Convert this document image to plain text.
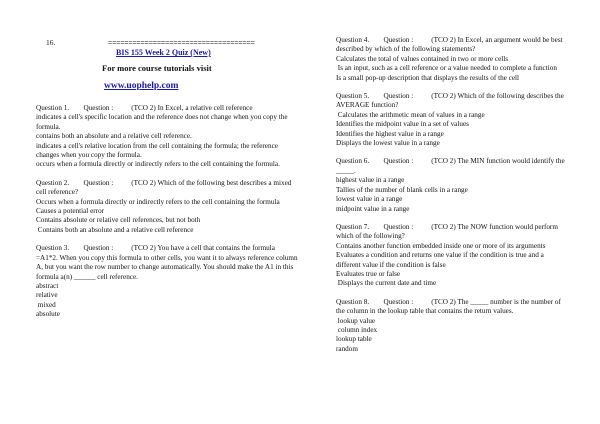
16.	====================================
BIS 155 Week 2 Quiz (New)
For more course tutorials visit
www.uophelp.com

Question 1.        Question :          (TCO 2) In Excel, a relative cell reference

indicates a cell's specific location and the reference does not change when you copy the formula.

contains both an absolute and a relative cell reference.

indicates a cell's relative location from the cell containing the formula; the reference changes when you copy the formula.

occurs when a formula directly or indirectly refers to the cell containing the formula.

Question 2.        Question :          (TCO 2) Which of the following best describes a mixed cell reference?

Occurs when a formula directly or indirectly refers to the cell containing the formula

Causes a potential error

Contains absolute or relative cell references, but not both

Contains both an absolute and a relative cell reference

Question 3.        Question :          (TCO 2) You have a cell that contains the formula =A1*2. When you copy this formula to other cells, you want it to always reference column A, but you want the row number to change automatically. You should make the A1 in this formula a(n) ______ cell reference.

abstract

relative

mixed

absolute

Question 4.        Question :          (TCO 2) In Excel, an argument would be best described by which of the following statements?

Calculates the total of values contained in two or more cells

Is an input, such as a cell reference or a value needed to complete a function

Is a small pop-up description that displays the results of the cell

Question 5.        Question :          (TCO 2) Which of the following describes the AVERAGE function?

Calculates the arithmetic mean of values in a range

Identifies the midpoint value in a set of values

Identifies the highest value in a range

Displays the lowest value in a range

Question 6.        Question :          (TCO 2) The MIN function would identify the _____.

highest value in a range

Tallies of the number of blank cells in a range

lowest value in a range

midpoint value in a range

Question 7.        Question :          (TCO 2) The NOW function would perform which of the following?

Contains another function embedded inside one or more of its arguments

Evaluates a condition and returns one value if the condition is true and a different value if the condition is false

Evaluates true or false

Displays the current date and time

Question 8.        Question :          (TCO 2) The _____ number is the number of the column in the lookup table that contains the return values.

lookup value

column index

lookup table

random
